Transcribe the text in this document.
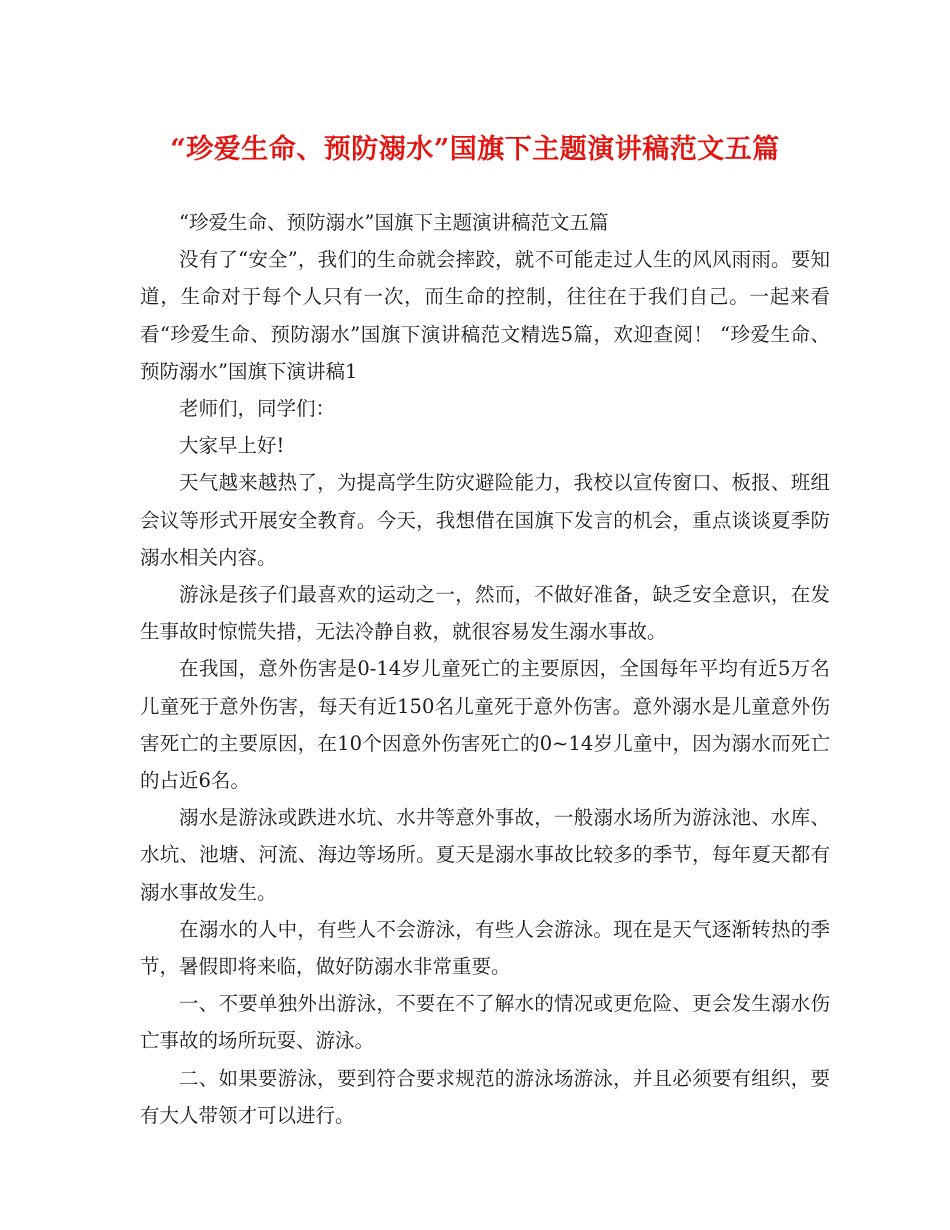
“珍爱生命、预防溺水”国旗下主题演讲稿范文五篇

“珍爱生命、预防溺水”国旗下主题演讲稿范文五篇

没有了“安全”，我们的生命就会摔跤，就不可能走过人生的风风雨雨。要知道，生命对于每个人只有一次，而生命的控制，往往在于我们自己。一起来看看“珍爱生命、预防溺水”国旗下演讲稿范文精选5篇，欢迎查阅！ “珍爱生命、预防溺水”国旗下演讲稿1

老师们，同学们：

大家早上好!

天气越来越热了，为提高学生防灾避险能力，我校以宣传窗口、板报、班组会议等形式开展安全教育。今天，我想借在国旗下发言的机会，重点谈谈夏季防溺水相关内容。

游泳是孩子们最喜欢的运动之一，然而，不做好准备，缺乏安全意识，在发生事故时惊慌失措，无法冷静自救，就很容易发生溺水事故。

在我国，意外伤害是0-14岁儿童死亡的主要原因，全国每年平均有近5万名儿童死于意外伤害，每天有近150名儿童死于意外伤害。意外溺水是儿童意外伤害死亡的主要原因，在10个因意外伤害死亡的0~14岁儿童中，因为溺水而死亡的占近6名。

溺水是游泳或跌进水坑、水井等意外事故，一般溺水场所为游泳池、水库、水坑、池塘、河流、海边等场所。夏天是溺水事故比较多的季节，每年夏天都有溺水事故发生。

在溺水的人中，有些人不会游泳，有些人会游泳。现在是天气逐渐转热的季节，暑假即将来临，做好防溺水非常重要。

一、不要单独外出游泳，不要在不了解水的情况或更危险、更会发生溺水伤亡事故的场所玩耍、游泳。

二、如果要游泳，要到符合要求规范的游泳场游泳，并且必须要有组织，要有大人带领才可以进行。
